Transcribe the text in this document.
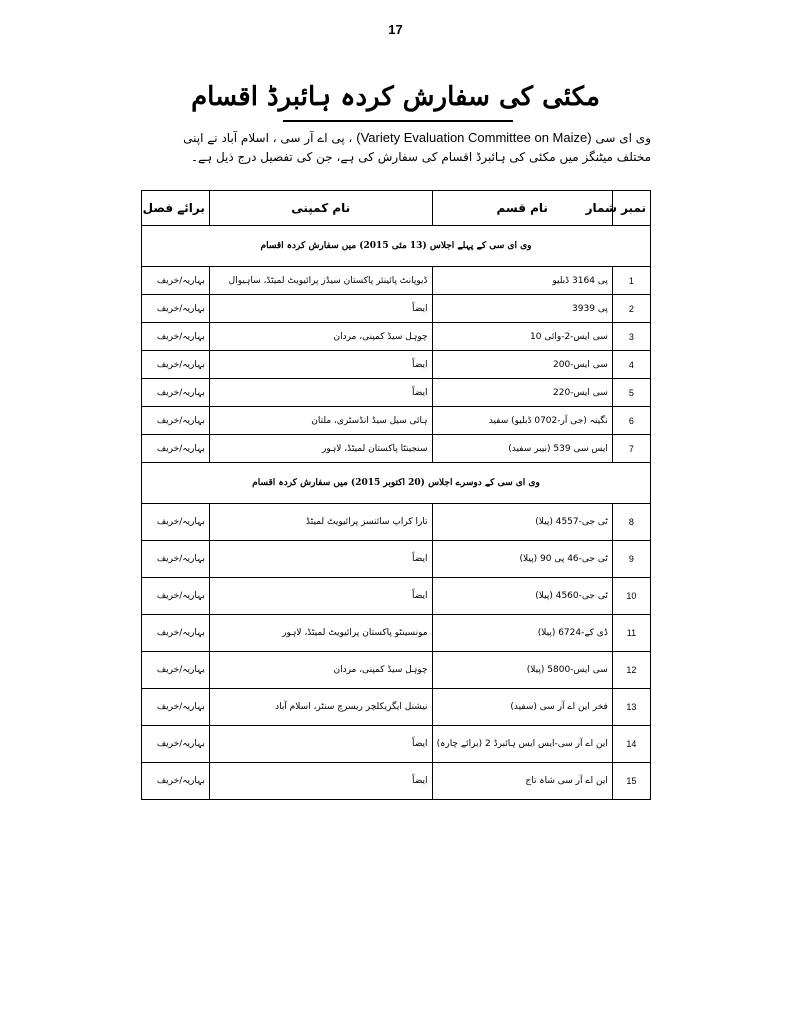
17
مکئی کی سفارش کردہ ہائبرڈ اقسام
وی ای سی (Variety Evaluation Committee on Maize) ، پی اے آر سی ، اسلام آباد نے اپنی
مختلف میٹنگز میں مکئی کی ہائبرڈ اقسام کی سفارش کی ہے، جن کی تفصیل درج ذیل ہے۔
نمبر شمار	نام قسم	نام کمپنی	برائے فصل
وی ای سی کے پہلے اجلاس (13 مئی 2015) میں سفارش کردہ اقسام			
1	پی 3164 ڈبلیو	ڈیوپانٹ پائینئر پاکستان سیڈز پرائیویٹ لمیٹڈ، ساہیوال	بہاریہ/خریف
2	پی 3939	ایضاً	بہاریہ/خریف
3	سی ایس-2-وائی 10	چوہل سیڈ کمپنی، مردان	بہاریہ/خریف
4	سی ایس-200	ایضاً	بہاریہ/خریف
5	سی ایس-220	ایضاً	بہاریہ/خریف
6	نگینہ (جی آر-0702 ڈبلیو) سفید	ہائی سیل سیڈ انڈسٹری، ملتان	بہاریہ/خریف
7	ایس سی 539 (نیبر سفید)	سنجینٹا پاکستان لمیٹڈ، لاہور	بہاریہ/خریف
وی ای سی کے دوسرے اجلاس (20 اکتوبر 2015) میں سفارش کردہ اقسام			
8	ٹی جی-4557 (پیلا)	تارا کراپ سائنسز پرائیویٹ لمیٹڈ	بہاریہ/خریف
9	ٹی جی-46 پی 90 (پیلا)	ایضاً	بہاریہ/خریف
10	ٹی جی-4560 (پیلا)	ایضاً	بہاریہ/خریف
11	ڈی کے-6724 (پیلا)	مونسینٹو پاکستان پرائیویٹ لمیٹڈ، لاہور	بہاریہ/خریف
12	سی ایس-5800 (پیلا)	چوہل سیڈ کمپنی، مردان	بہاریہ/خریف
13	فخر این اے آر سی (سفید)	نیشنل ایگریکلچر ریسرچ سنٹر، اسلام آباد	بہاریہ/خریف
14	این اے آر سی-ایس ایس ہائبرڈ 2 (برائے چارہ)	ایضاً	بہاریہ/خریف
15	این اے آر سی شاہ تاج	ایضاً	بہاریہ/خریف
